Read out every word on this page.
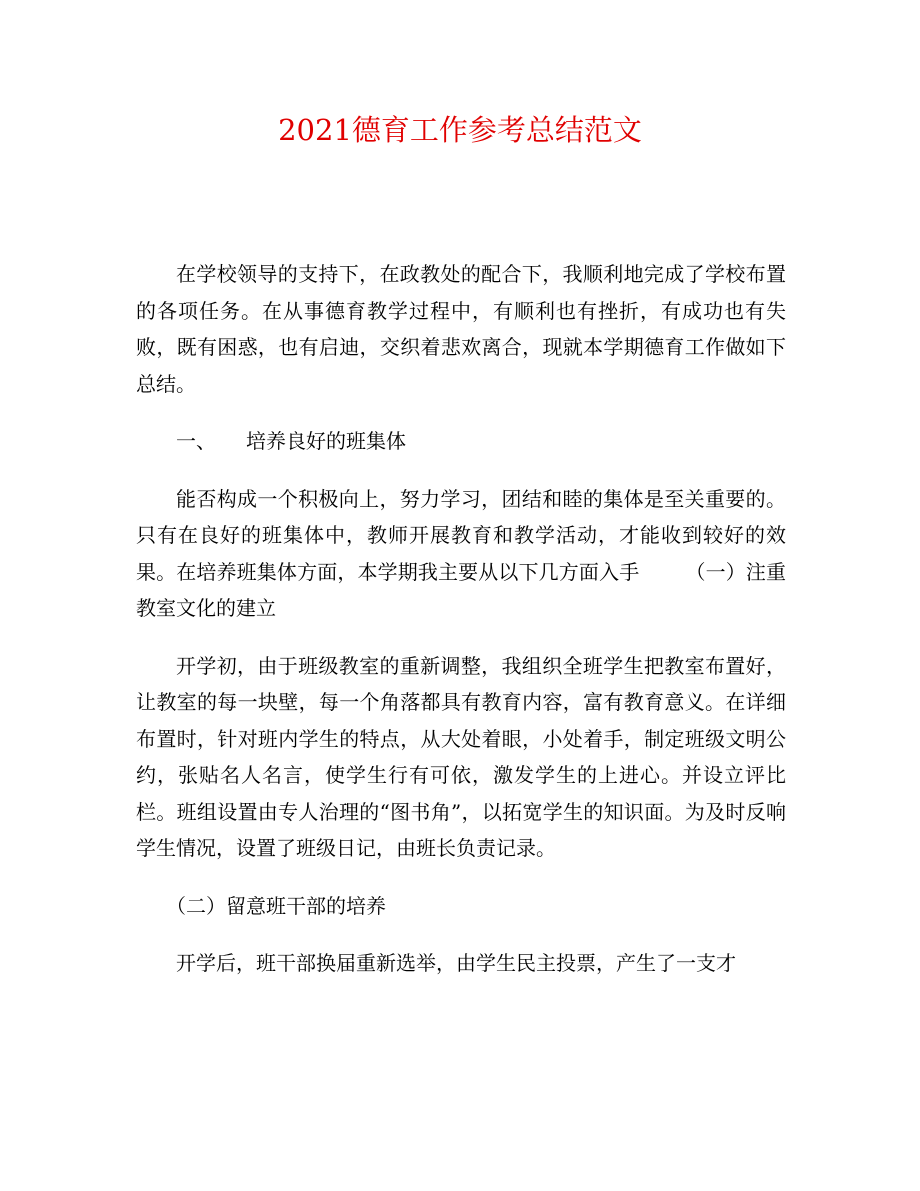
2021德育工作参考总结范文

在学校领导的支持下，在政教处的配合下，我顺利地完成了学校布置的各项任务。在从事德育教学过程中，有顺利也有挫折，有成功也有失败，既有困惑，也有启迪，交织着悲欢离合，现就本学期德育工作做如下总结。

一、 培养良好的班集体

能否构成一个积极向上，努力学习，团结和睦的集体是至关重要的。只有在良好的班集体中，教师开展教育和教学活动，才能收到较好的效果。在培养班集体方面，本学期我主要从以下几方面入手 （一）注重教室文化的建立

开学初，由于班级教室的重新调整，我组织全班学生把教室布置好，让教室的每一块壁，每一个角落都具有教育内容，富有教育意义。在详细布置时，针对班内学生的特点，从大处着眼，小处着手，制定班级文明公约，张贴名人名言，使学生行有可依，激发学生的上进心。并设立评比栏。班组设置由专人治理的“图书角”，以拓宽学生的知识面。为及时反响学生情况，设置了班级日记，由班长负责记录。

（二）留意班干部的培养

开学后，班干部换届重新选举，由学生民主投票，产生了一支才
